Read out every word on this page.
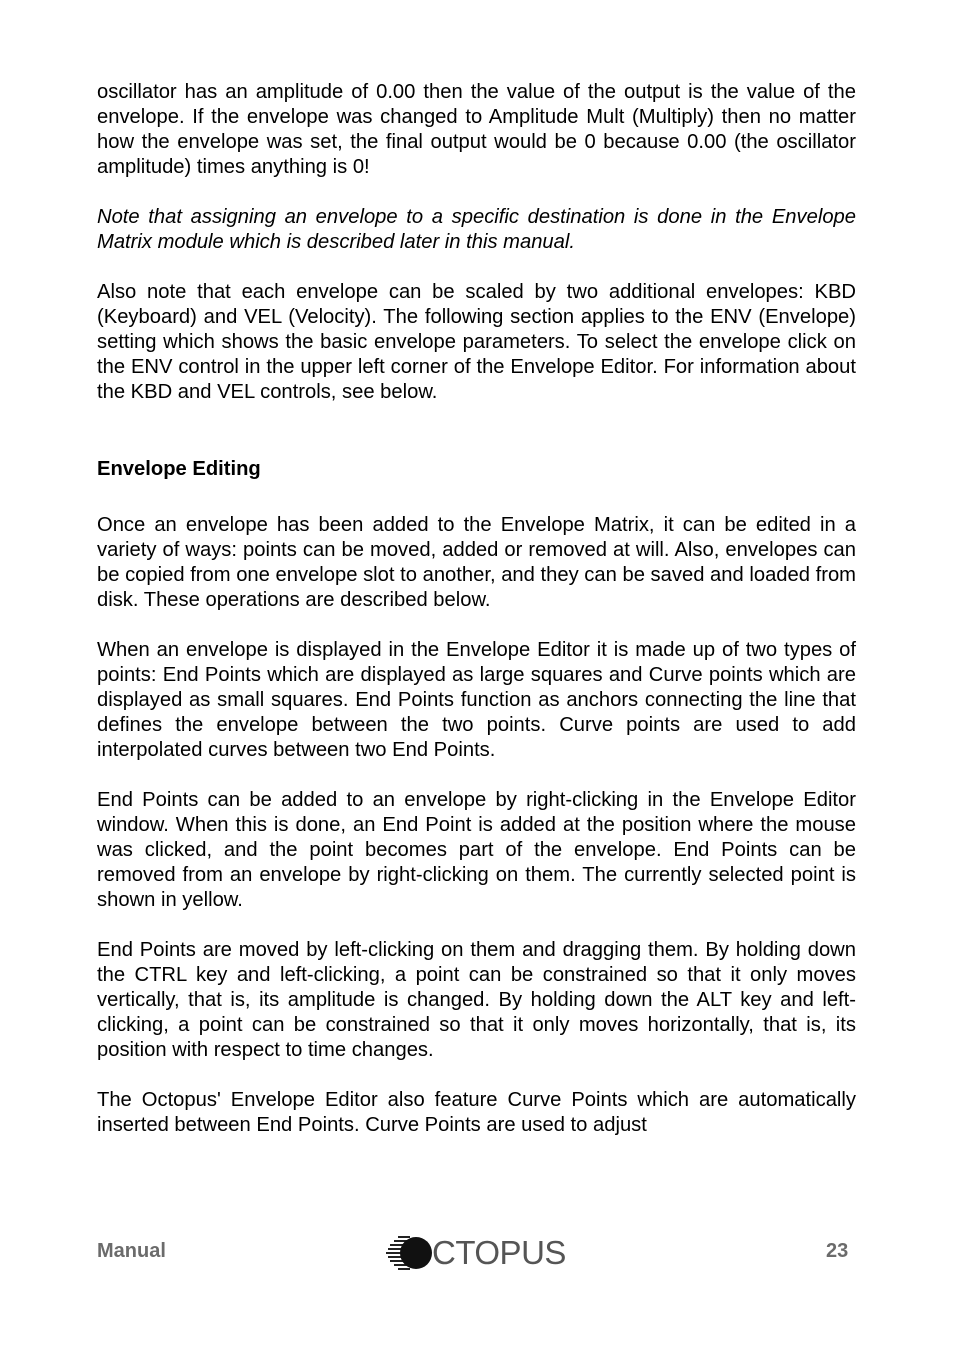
oscillator has an amplitude of 0.00 then the value of the output is the value of the envelope. If the envelope was changed to Amplitude Mult (Multiply) then no matter how the envelope was set, the final output would be 0 because 0.00 (the oscillator amplitude) times anything is 0!

Note that assigning an envelope to a specific destination is done in the Envelope Matrix module which is described later in this manual.

Also note that each envelope can be scaled by two additional envelopes: KBD (Keyboard) and VEL (Velocity). The following section applies to the ENV (Envelope) setting which shows the basic envelope parameters. To select the envelope click on the ENV control in the upper left corner of the Envelope Editor. For information about the KBD and VEL controls, see below.

Envelope Editing

Once an envelope has been added to the Envelope Matrix, it can be edited in a variety of ways: points can be moved, added or removed at will. Also, envelopes can be copied from one envelope slot to another, and they can be saved and loaded from disk. These operations are described below.

When an envelope is displayed in the Envelope Editor it is made up of two types of points: End Points which are displayed as large squares and Curve points which are displayed as small squares. End Points function as anchors connecting the line that defines the envelope between the two points. Curve points are used to add interpolated curves between two End Points.

End Points can be added to an envelope by right-clicking in the Envelope Editor window. When this is done, an End Point is added at the position where the mouse was clicked, and the point becomes part of the envelope. End Points can be removed from an envelope by right-clicking on them. The currently selected point is shown in yellow.

End Points are moved by left-clicking on them and dragging them. By holding down the CTRL key and left-clicking, a point can be constrained so that it only moves vertically, that is, its amplitude is changed. By holding down the ALT key and left-clicking, a point can be constrained so that it only moves horizontally, that is, its position with respect to time changes.

The Octopus' Envelope Editor also feature Curve Points which are automatically inserted between End Points. Curve Points are used to adjust

Manual	CTOPUS	23
